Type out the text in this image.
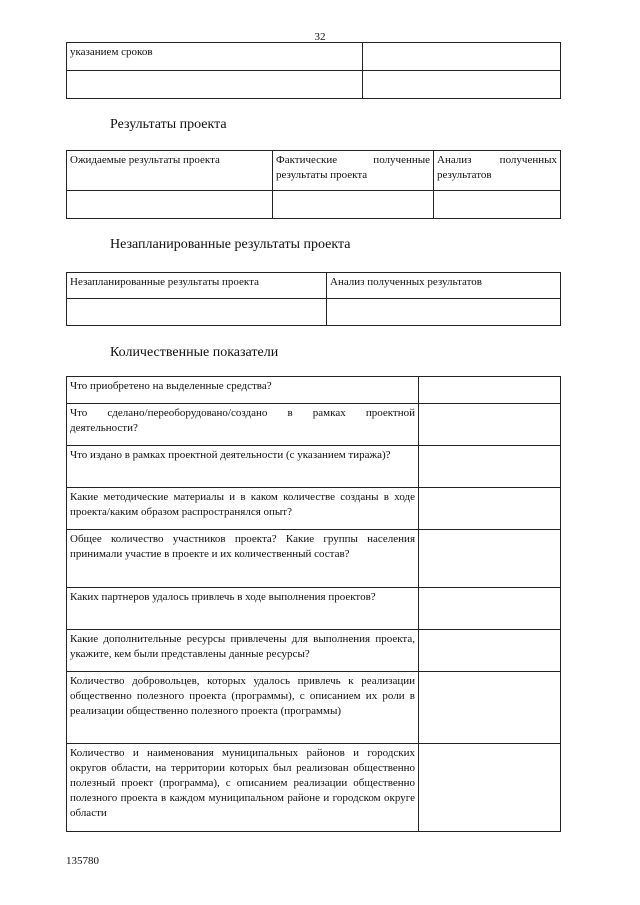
32
указанием сроков	

Результаты проекта
Ожидаемые результаты проекта	Фактические полученные результаты проекта	Анализ полученных результатов

Незапланированные результаты проекта
Незапланированные результаты проекта	Анализ полученных результатов

Количественные показатели
Что приобретено на выделенные средства?	
Что сделано/переоборудовано/создано в рамках проектной деятельности?	
Что издано в рамках проектной деятельности (с указанием тиража)?	
Какие методические материалы и в каком количестве созданы в ходе проекта/каким образом распространялся опыт?	
Общее количество участников проекта? Какие группы населения принимали участие в проекте и их количественный состав?	
Каких партнеров удалось привлечь в ходе выполнения проектов?	
Какие дополнительные ресурсы привлечены для выполнения проекта, укажите, кем были представлены данные ресурсы?	
Количество добровольцев, которых удалось привлечь к реализации общественно полезного проекта (программы), с описанием их роли в реализации общественно полезного проекта (программы)	
Количество и наименования муниципальных районов и городских округов области, на территории которых был реализован общественно полезный проект (программа), с описанием реализации общественно полезного проекта в каждом муниципальном районе и городском округе области	
135780
